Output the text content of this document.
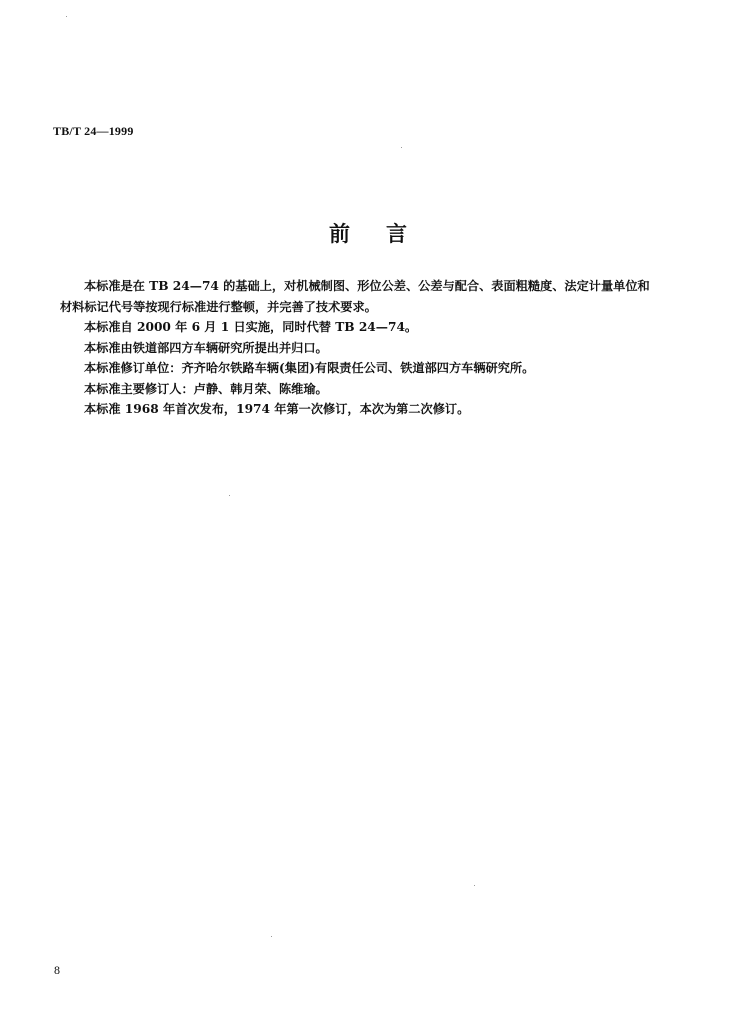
TB/T 24—1999
前言

本标准是在 TB 24—74 的基础上，对机械制图、形位公差、公差与配合、表面粗糙度、法定计量单位和材料标记代号等按现行标准进行整顿，并完善了技术要求。

本标准自 2000 年 6 月 1 日实施，同时代替 TB 24—74。

本标准由铁道部四方车辆研究所提出并归口。

本标准修订单位：齐齐哈尔铁路车辆(集团)有限责任公司、铁道部四方车辆研究所。

本标准主要修订人：卢静、韩月荣、陈维瑜。

本标准 1968 年首次发布，1974 年第一次修订，本次为第二次修订。

8
